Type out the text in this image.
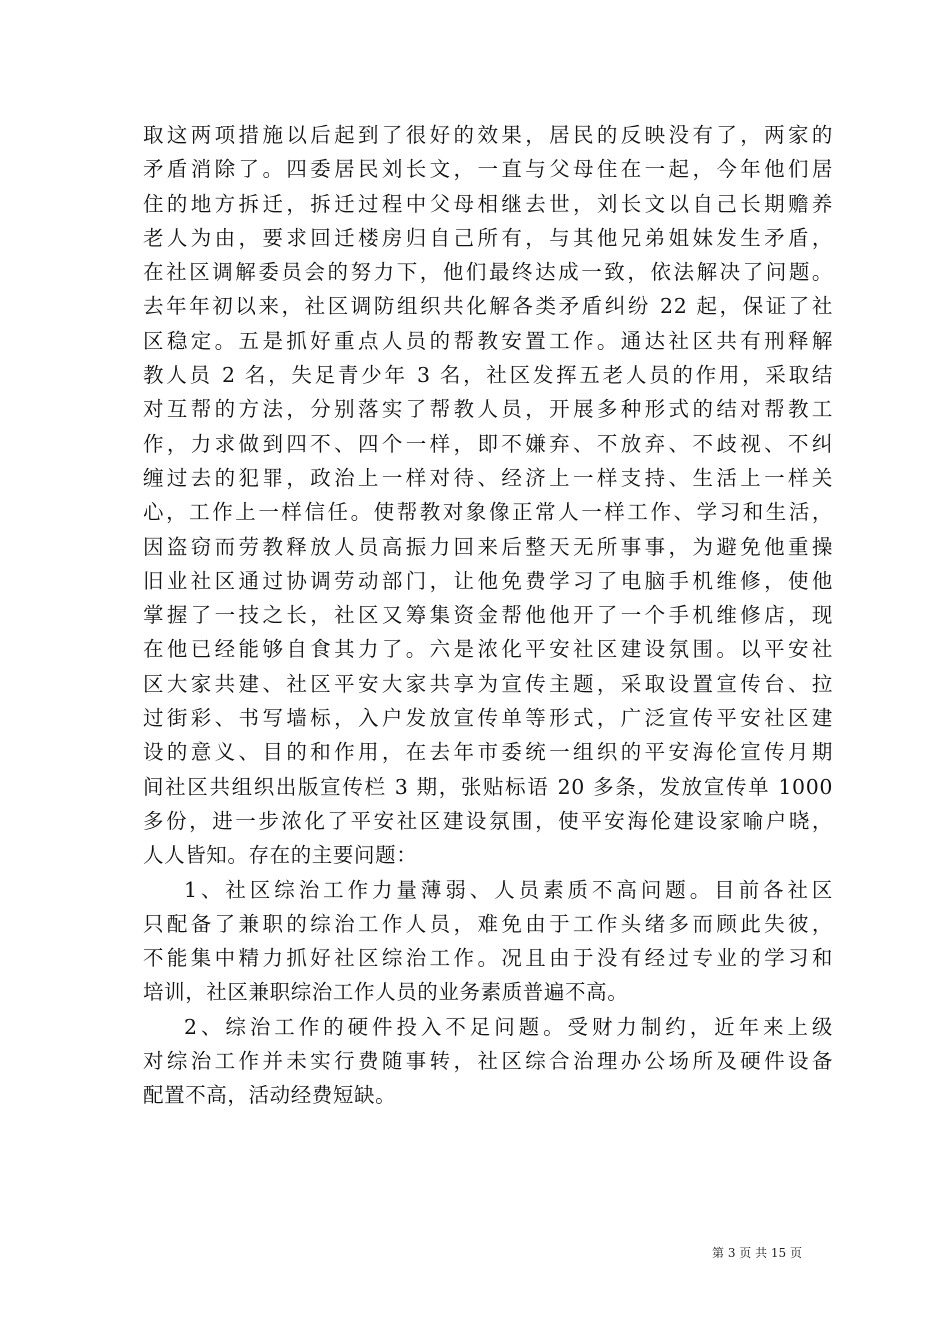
取这两项措施以后起到了很好的效果，居民的反映没有了，两家的
矛盾消除了。四委居民刘长文，一直与父母住在一起，今年他们居
住的地方拆迁，拆迁过程中父母相继去世，刘长文以自己长期赡养
老人为由，要求回迁楼房归自己所有，与其他兄弟姐妹发生矛盾，
在社区调解委员会的努力下，他们最终达成一致，依法解决了问题。
去年年初以来，社区调防组织共化解各类矛盾纠纷 22 起，保证了社
区稳定。五是抓好重点人员的帮教安置工作。通达社区共有刑释解
教人员 2 名，失足青少年 3 名，社区发挥五老人员的作用，采取结
对互帮的方法，分别落实了帮教人员，开展多种形式的结对帮教工
作，力求做到四不、四个一样，即不嫌弃、不放弃、不歧视、不纠
缠过去的犯罪，政治上一样对待、经济上一样支持、生活上一样关
心，工作上一样信任。使帮教对象像正常人一样工作、学习和生活，
因盗窃而劳教释放人员高振力回来后整天无所事事，为避免他重操
旧业社区通过协调劳动部门，让他免费学习了电脑手机维修，使他
掌握了一技之长，社区又筹集资金帮他他开了一个手机维修店，现
在他已经能够自食其力了。六是浓化平安社区建设氛围。以平安社
区大家共建、社区平安大家共享为宣传主题，采取设置宣传台、拉
过街彩、书写墙标，入户发放宣传单等形式，广泛宣传平安社区建
设的意义、目的和作用，在去年市委统一组织的平安海伦宣传月期
间社区共组织出版宣传栏 3 期，张贴标语 20 多条，发放宣传单 1000
多份，进一步浓化了平安社区建设氛围，使平安海伦建设家喻户晓，
人人皆知。存在的主要问题：
1、社区综治工作力量薄弱、人员素质不高问题。目前各社区
只配备了兼职的综治工作人员，难免由于工作头绪多而顾此失彼，
不能集中精力抓好社区综治工作。况且由于没有经过专业的学习和
培训，社区兼职综治工作人员的业务素质普遍不高。
2、综治工作的硬件投入不足问题。受财力制约，近年来上级
对综治工作并未实行费随事转，社区综合治理办公场所及硬件设备
配置不高，活动经费短缺。
第 3 页 共 15 页
